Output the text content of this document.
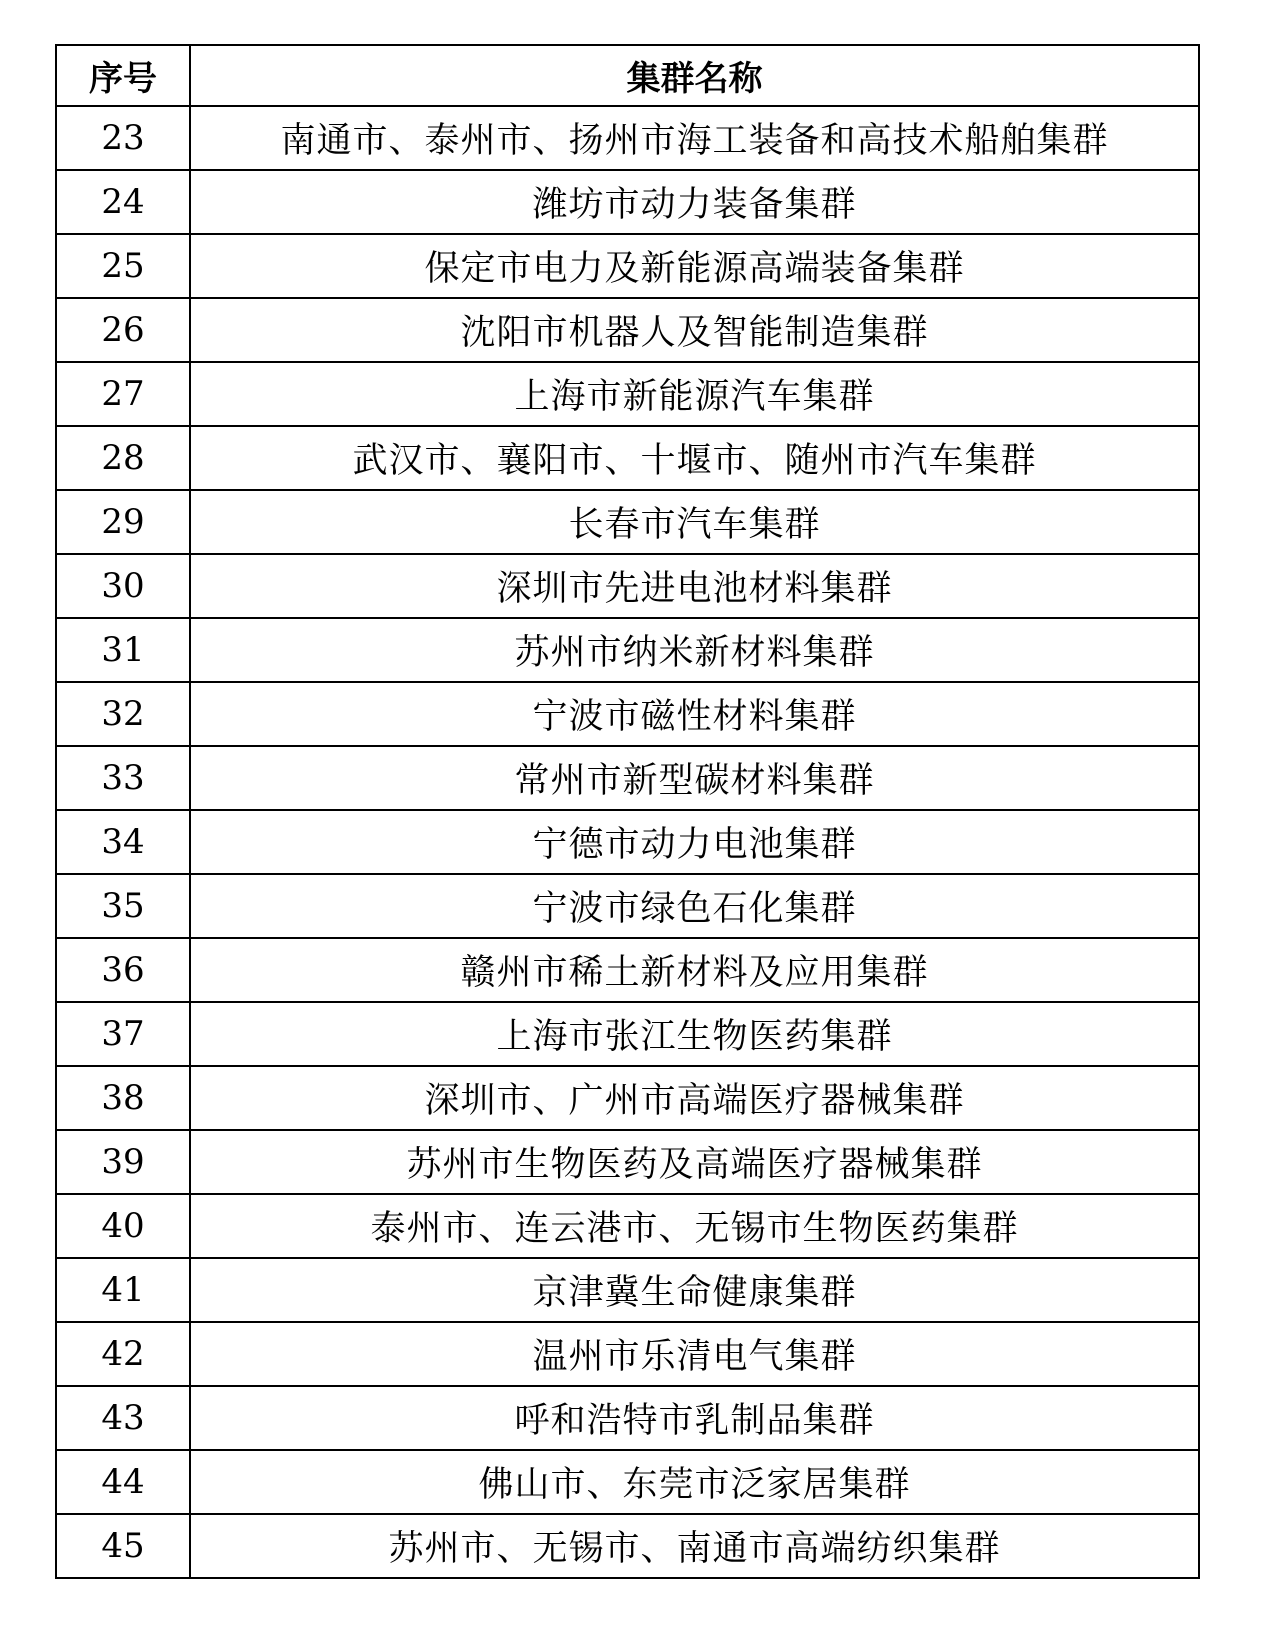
序号	集群名称
23	南通市、泰州市、扬州市海工装备和高技术船舶集群
24	潍坊市动力装备集群
25	保定市电力及新能源高端装备集群
26	沈阳市机器人及智能制造集群
27	上海市新能源汽车集群
28	武汉市、襄阳市、十堰市、随州市汽车集群
29	长春市汽车集群
30	深圳市先进电池材料集群
31	苏州市纳米新材料集群
32	宁波市磁性材料集群
33	常州市新型碳材料集群
34	宁德市动力电池集群
35	宁波市绿色石化集群
36	赣州市稀土新材料及应用集群
37	上海市张江生物医药集群
38	深圳市、广州市高端医疗器械集群
39	苏州市生物医药及高端医疗器械集群
40	泰州市、连云港市、无锡市生物医药集群
41	京津冀生命健康集群
42	温州市乐清电气集群
43	呼和浩特市乳制品集群
44	佛山市、东莞市泛家居集群
45	苏州市、无锡市、南通市高端纺织集群
